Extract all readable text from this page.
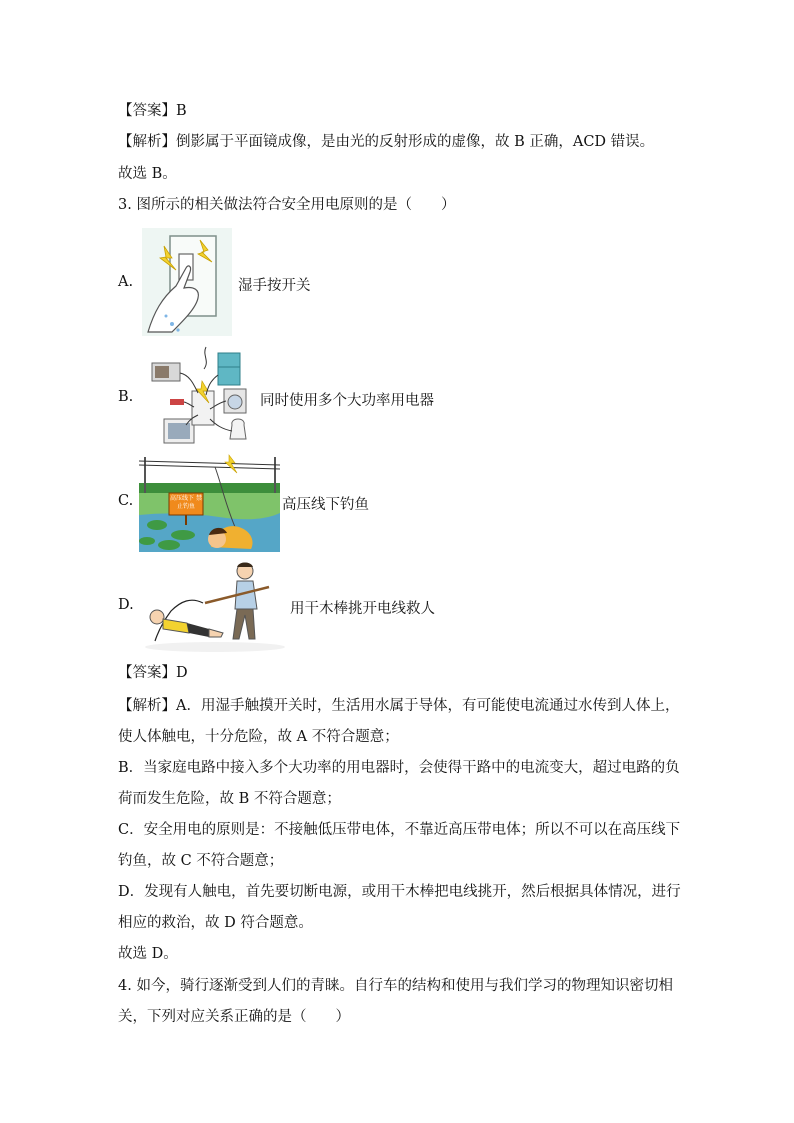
【答案】B
【解析】倒影属于平面镜成像，是由光的反射形成的虚像，故 B 正确，ACD 错误。
故选 B。
3. 图所示的相关做法符合安全用电原则的是（　　）
A.	湿手按开关
B.	同时使用多个大功率用电器
C.	高压线下 禁止钓鱼	高压线下钓鱼
D.	用干木棒挑开电线救人
【答案】D
【解析】A．用湿手触摸开关时，生活用水属于导体，有可能使电流通过水传到人体上，
使人体触电，十分危险，故 A 不符合题意；
B．当家庭电路中接入多个大功率的用电器时，会使得干路中的电流变大，超过电路的负
荷而发生危险，故 B 不符合题意；
C．安全用电的原则是：不接触低压带电体，不靠近高压带电体；所以不可以在高压线下
钓鱼，故 C 不符合题意；
D．发现有人触电，首先要切断电源，或用干木棒把电线挑开，然后根据具体情况，进行
相应的救治，故 D 符合题意。
故选 D。
4. 如今，骑行逐渐受到人们的青睐。自行车的结构和使用与我们学习的物理知识密切相
关，下列对应关系正确的是（　　）
